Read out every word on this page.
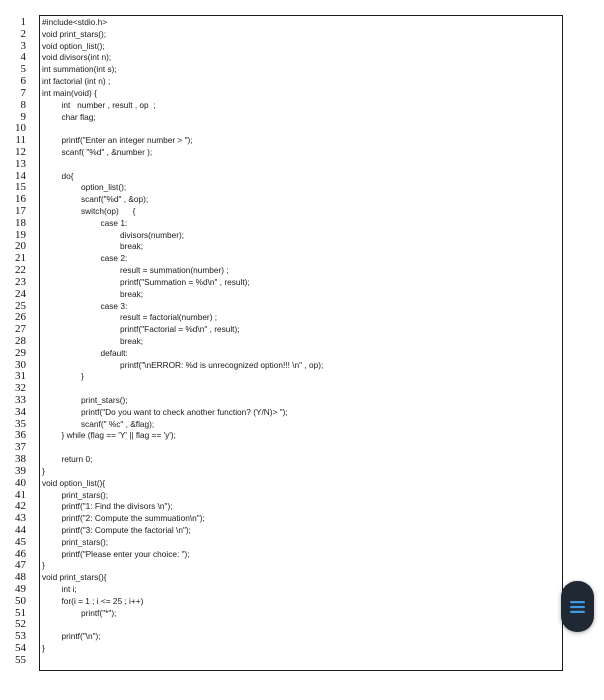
1
2
3
4
5
6
7
8
9
10
11
12
13
14
15
16
17
18
19
20
21
22
23
24
25
26
27
28
29
30
31
32
33
34
35
36
37
38
39
40
41
42
43
44
45
46
47
48
49
50
51
52
53
54
55
#include<stdio.h>
void print_stars();
void option_list();
void divisors(int n);
int summation(int s);
int factorial (int n) ;
int main(void) {
int   number , result , op  ;
char flag;
printf("Enter an integer number > ");
scanf( "%d" , &number );
do{
option_list();
scanf("%d" , &op);
switch(op)      {
case 1:
divisors(number);
break;
case 2:
result = summation(number) ;
printf("Summation = %d\n" , result);
break;
case 3:
result = factorial(number) ;
printf("Factorial = %d\n" , result);
break;
default:
printf("\nERROR: %d is unrecognized option!!! \n" , op);
}
print_stars();
printf("Do you want to check another function? (Y/N)> ");
scanf(" %c" , &flag);
} while (flag == 'Y' || flag == 'y');
return 0;
}
void option_list(){
print_stars();
printf("1: Find the divisors \n");
printf("2: Compute the summuation\n");
printf("3: Compute the factorial \n");
print_stars();
printf("Please enter your choice: ");
}
void print_stars(){
int i;
for(i = 1 ; i <= 25 ; i++)
printf("*");
printf("\n");
}
